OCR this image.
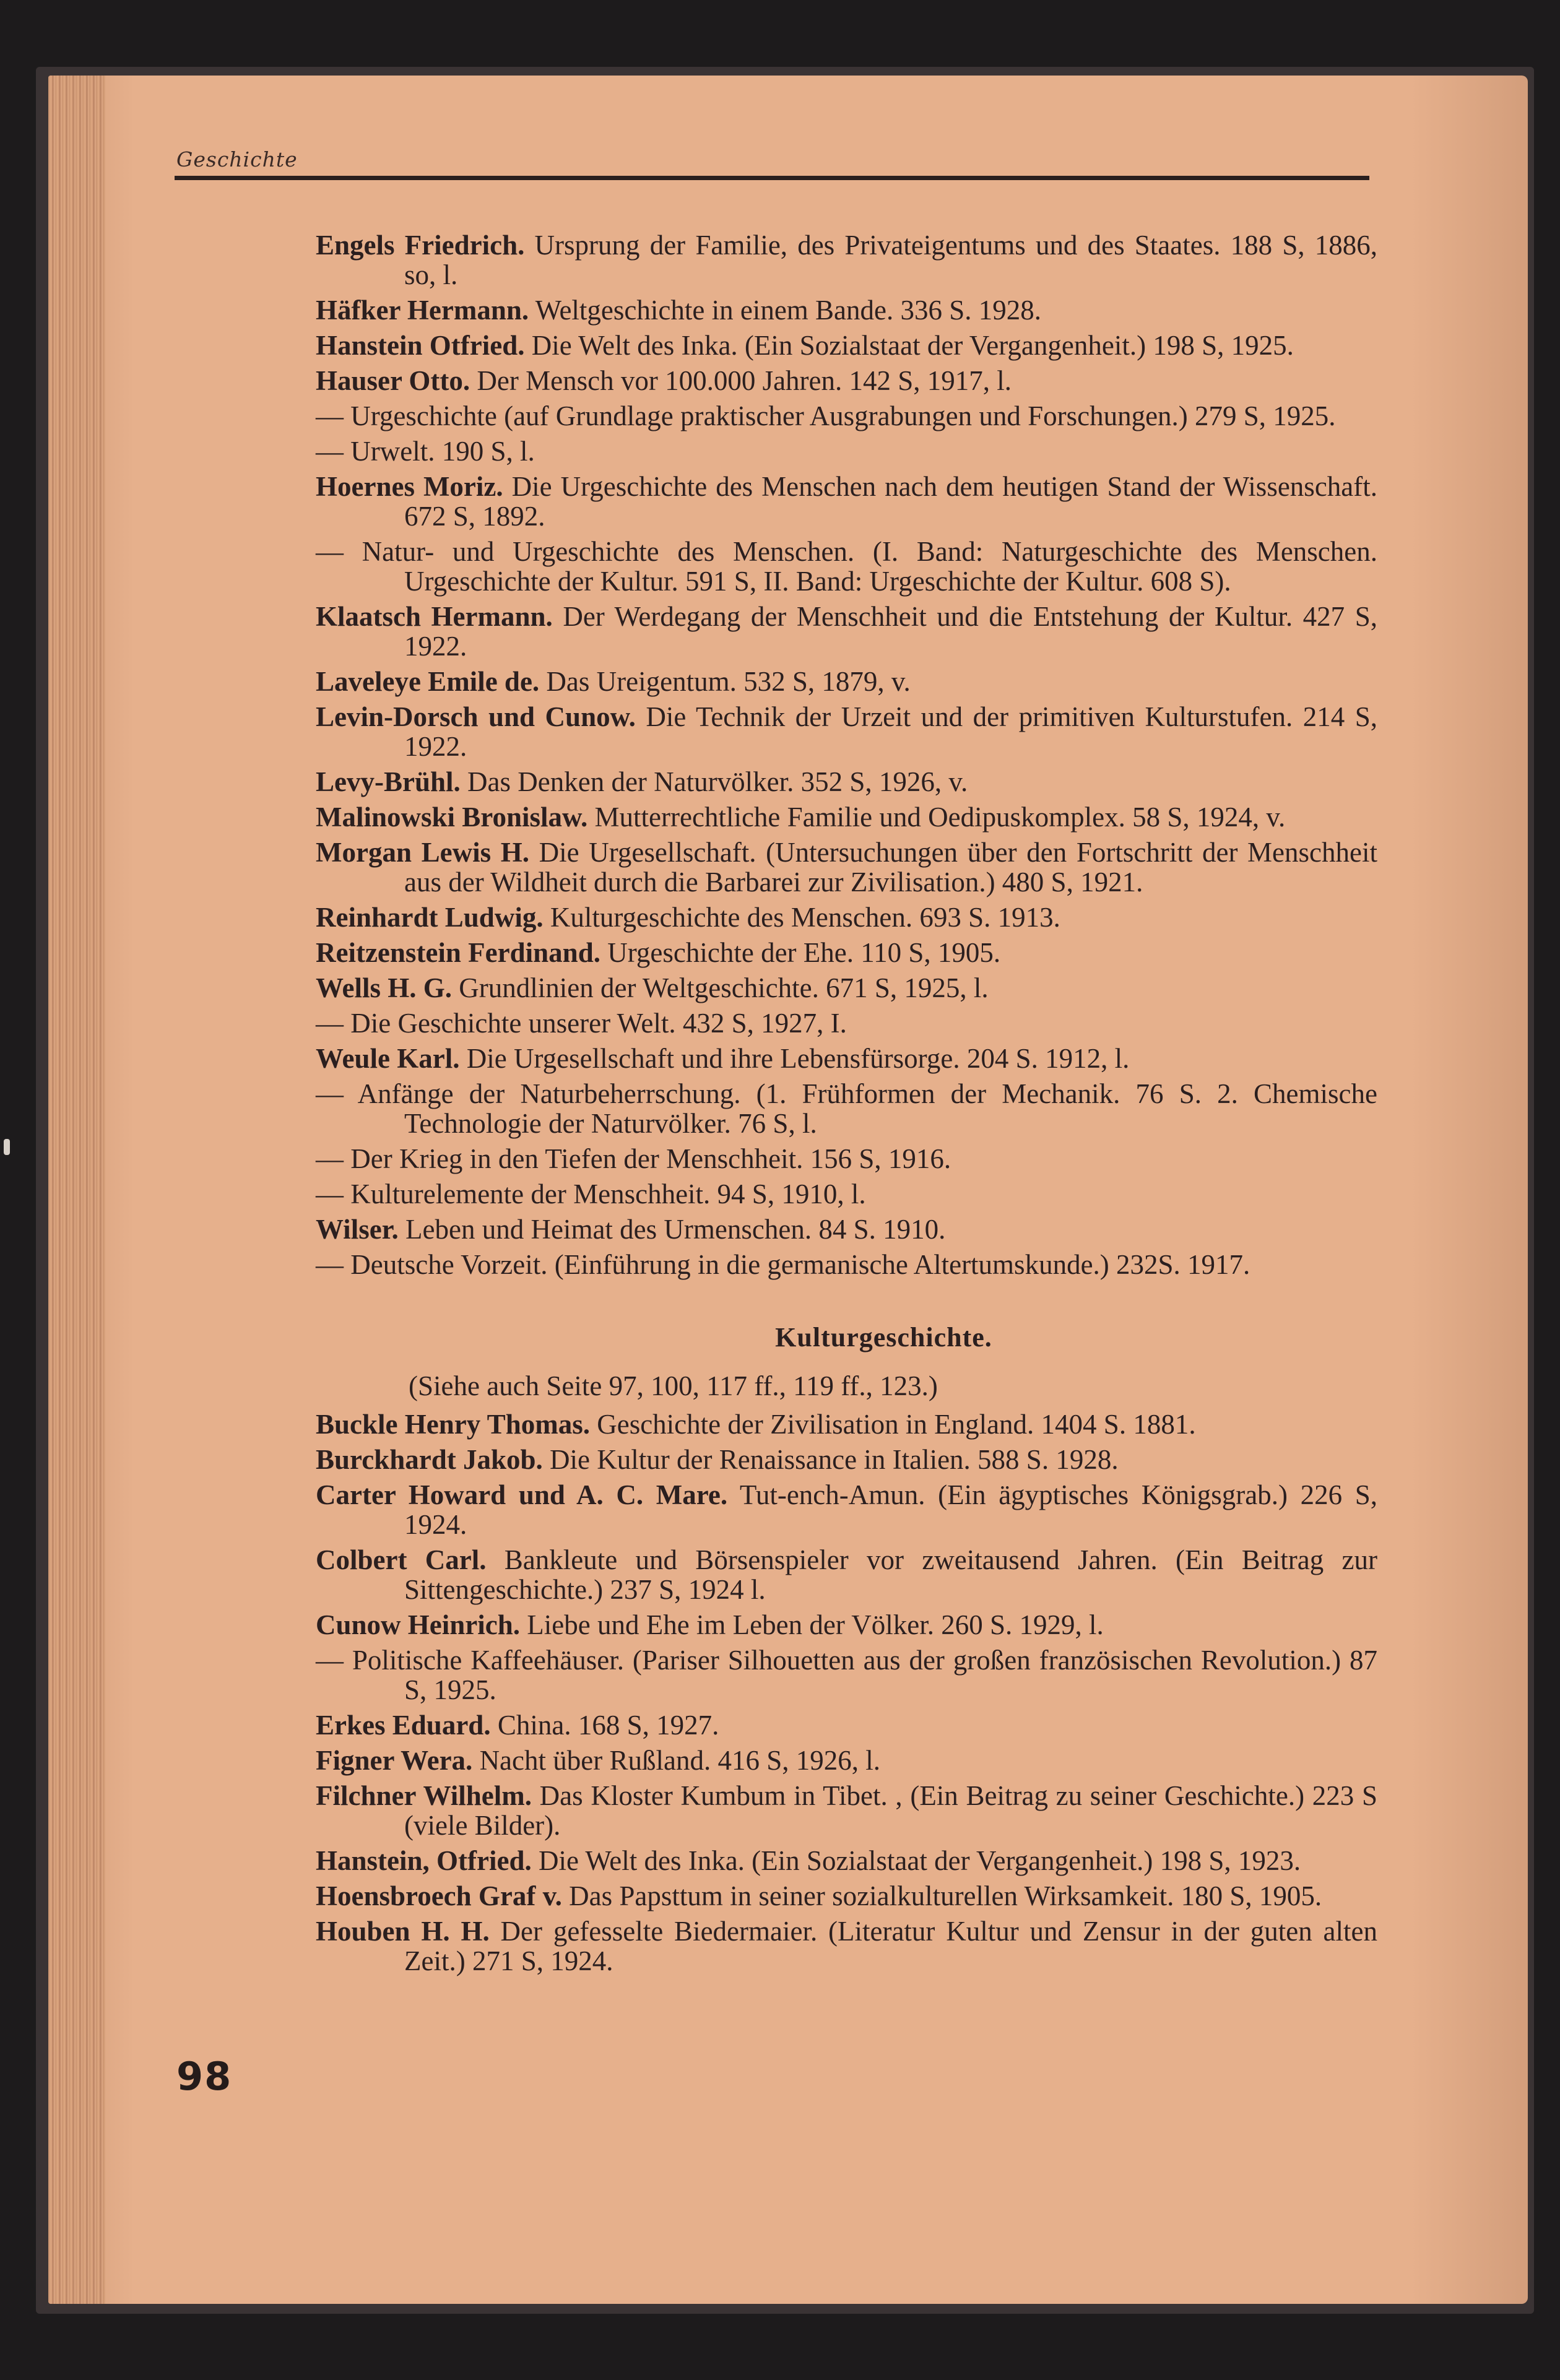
Geschichte

Engels Friedrich. Ursprung der Familie, des Privateigentums und des Staates. 188 S, 1886, so, l.

Häfker Hermann. Weltgeschichte in einem Bande. 336 S. 1928.

Hanstein Otfried. Die Welt des Inka. (Ein Sozialstaat der Vergangenheit.) 198 S, 1925.

Hauser Otto. Der Mensch vor 100.000 Jahren. 142 S, 1917, l.

— Urgeschichte (auf Grundlage praktischer Ausgrabungen und Forschungen.) 279 S, 1925.

— Urwelt. 190 S, l.

Hoernes Moriz. Die Urgeschichte des Menschen nach dem heutigen Stand der Wissenschaft. 672 S, 1892.

— Natur- und Urgeschichte des Menschen. (I. Band: Naturgeschichte des Menschen. Urgeschichte der Kultur. 591 S, II. Band: Urgeschichte der Kultur. 608 S).

Klaatsch Hermann. Der Werdegang der Menschheit und die Entstehung der Kultur. 427 S, 1922.

Laveleye Emile de. Das Ureigentum. 532 S, 1879, v.

Levin-Dorsch und Cunow. Die Technik der Urzeit und der primitiven Kulturstufen. 214 S, 1922.

Levy-Brühl. Das Denken der Naturvölker. 352 S, 1926, v.

Malinowski Bronislaw. Mutterrechtliche Familie und Oedipuskomplex. 58 S, 1924, v.

Morgan Lewis H. Die Urgesellschaft. (Untersuchungen über den Fortschritt der Menschheit aus der Wildheit durch die Barbarei zur Zivilisation.) 480 S, 1921.

Reinhardt Ludwig. Kulturgeschichte des Menschen. 693 S. 1913.

Reitzenstein Ferdinand. Urgeschichte der Ehe. 110 S, 1905.

Wells H. G. Grundlinien der Weltgeschichte. 671 S, 1925, l.

— Die Geschichte unserer Welt. 432 S, 1927, I.

Weule Karl. Die Urgesellschaft und ihre Lebensfürsorge. 204 S. 1912, l.

— Anfänge der Naturbeherrschung. (1. Frühformen der Mechanik. 76 S. 2. Chemische Technologie der Naturvölker. 76 S, l.

— Der Krieg in den Tiefen der Menschheit. 156 S, 1916.

— Kulturelemente der Menschheit. 94 S, 1910, l.

Wilser. Leben und Heimat des Urmenschen. 84 S. 1910.

— Deutsche Vorzeit. (Einführung in die germanische Altertumskunde.) 232S. 1917.

Kulturgeschichte.
(Siehe auch Seite 97, 100, 117 ff., 119 ff., 123.)

Buckle Henry Thomas. Geschichte der Zivilisation in England. 1404 S. 1881.

Burckhardt Jakob. Die Kultur der Renaissance in Italien. 588 S. 1928.

Carter Howard und A. C. Mare. Tut-ench-Amun. (Ein ägyptisches Königsgrab.) 226 S, 1924.

Colbert Carl. Bankleute und Börsenspieler vor zweitausend Jahren. (Ein Beitrag zur Sittengeschichte.) 237 S, 1924 l.

Cunow Heinrich. Liebe und Ehe im Leben der Völker. 260 S. 1929, l.

— Politische Kaffeehäuser. (Pariser Silhouetten aus der großen französischen Revolution.) 87 S, 1925.

Erkes Eduard. China. 168 S, 1927.

Figner Wera. Nacht über Rußland. 416 S, 1926, l.

Filchner Wilhelm. Das Kloster Kumbum in Tibet. , (Ein Beitrag zu seiner Geschichte.) 223 S (viele Bilder).

Hanstein, Otfried. Die Welt des Inka. (Ein Sozialstaat der Vergangenheit.) 198 S, 1923.

Hoensbroech Graf v. Das Papsttum in seiner sozialkulturellen Wirksamkeit. 180 S, 1905.

Houben H. H. Der gefesselte Biedermaier. (Literatur Kultur und Zensur in der guten alten Zeit.) 271 S, 1924.

98
